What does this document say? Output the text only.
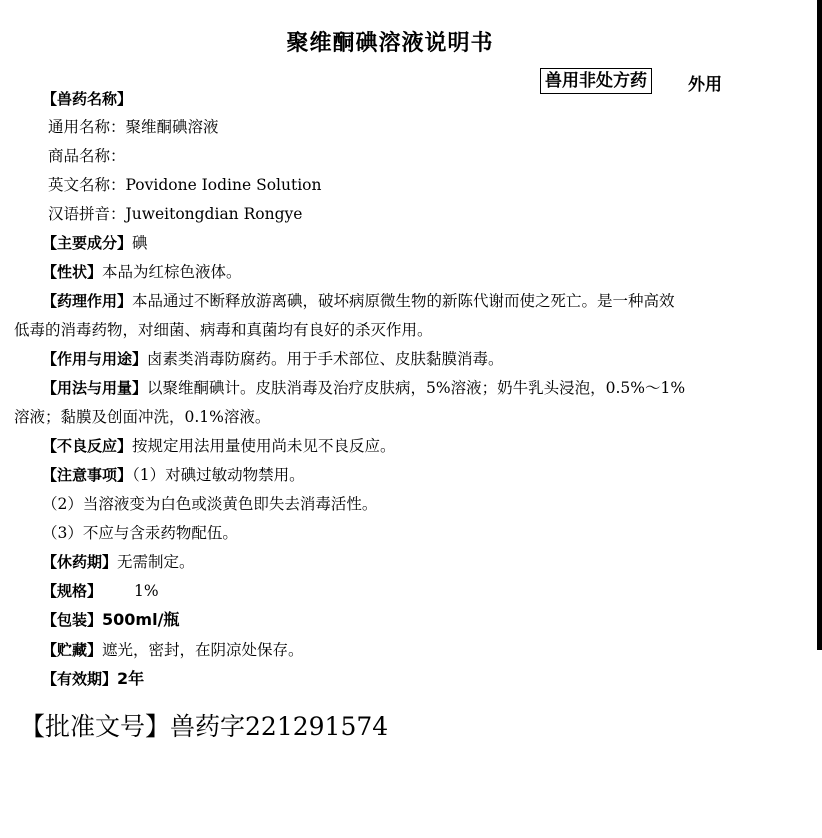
聚维酮碘溶液说明书
兽用非处方药 外用
【兽药名称】
通用名称：聚维酮碘溶液
商品名称：
英文名称：Povidone Iodine Solution
汉语拼音：Juweitongdian Rongye
【主要成分】碘
【性状】本品为红棕色液体。
【药理作用】本品通过不断释放游离碘，破坏病原微生物的新陈代谢而使之死亡。是一种高效
低毒的消毒药物，对细菌、病毒和真菌均有良好的杀灭作用。
【作用与用途】卤素类消毒防腐药。用于手术部位、皮肤黏膜消毒。
【用法与用量】以聚维酮碘计。皮肤消毒及治疗皮肤病，5%溶液；奶牛乳头浸泡，0.5%～1%
溶液；黏膜及创面冲洗，0.1%溶液。
【不良反应】按规定用法用量使用尚未见不良反应。
【注意事项】（1）对碘过敏动物禁用。
（2）当溶液变为白色或淡黄色即失去消毒活性。
（3）不应与含汞药物配伍。
【休药期】无需制定。
【规格】 1%
【包装】500ml/瓶
【贮藏】遮光，密封，在阴凉处保存。
【有效期】2年
【批准文号】兽药字221291574
